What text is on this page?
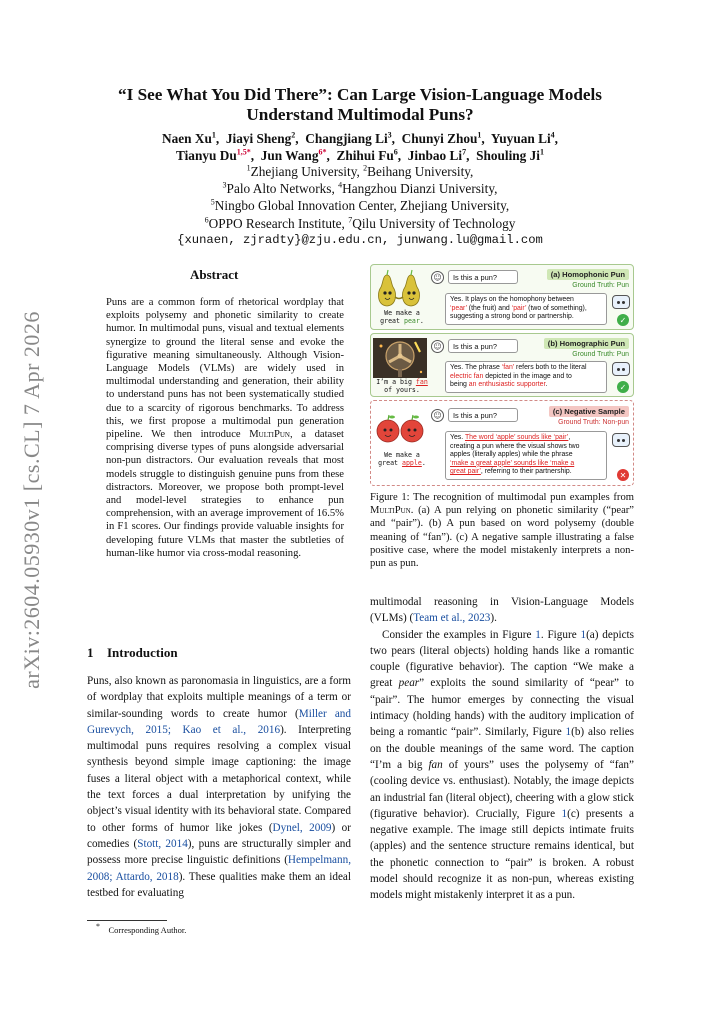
arXiv:2604.05930v1 [cs.CL] 7 Apr 2026
“I See What You Did There”: Can Large Vision-Language Models
Understand Multimodal Puns?
Naen Xu$^1$,  Jiayi Sheng$^2$,  Changjiang Li$^3$,  Chunyi Zhou$^1$,  Yuyuan Li$^4$,
Tianyu $Du^{1,5*}$,  Jun Wang$^{6*}$,  Zhihui Fu$^6$,  Jinbao Li$^7$,  Shouling Ji$^1$
$^1$Zhejiang University, $^2$Beihang University,
$^3$Palo Alto Networks, $^4$Hangzhou Dianzi University,
$^5$Ningbo Global Innovation Center, Zhejiang University,
$^6$OPPO Research Institute, $^7$Qilu University of Technology
{xunaen, zjradty}@zju.edu.cn, junwang.lu@gmail.com
Abstract
Puns are a common form of rhetorical wordplay that exploits polysemy and phonetic similarity to create humor. In multimodal puns, visual and textual elements synergize to ground the literal sense and evoke the figurative meaning simultaneously. Although Vision-Language Models (VLMs) are widely used in multimodal understanding and generation, their ability to understand puns has not been systematically studied due to a scarcity of rigorous benchmarks. To address this, we first propose a multimodal pun generation pipeline. We then introduce MultiPun, a dataset comprising diverse types of puns alongside adversarial non-pun distractors. Our evaluation reveals that most models struggle to distinguish genuine puns from these distractors. Moreover, we propose both prompt-level and model-level strategies to enhance pun comprehension, with an average improvement of 16.5% in F1 scores. Our findings provide valuable insights for developing future VLMs that master the subtleties of human-like humor via cross-modal reasoning.
1 Introduction
Puns, also known as paronomasia in linguistics, are a form of wordplay that exploits multiple meanings of a term or similar-sounding words to create humor (Miller and Gurevych, 2015; Kao et al., 2016). Interpreting multimodal puns requires resolving a complex visual synthesis beyond simple image captioning: the image fuses a literal object with a metaphorical context, while the text forces a dual interpretation by unifying the object’s visual identity with its behavioral state. Compared to other forms of humor like jokes (Dynel, 2009) or comedies (Stott, 2014), puns are structurally simpler and possess more precise linguistic definitions (Hempelmann, 2008; Attardo, 2018). These qualities make them an ideal testbed for evaluating
* Corresponding Author.
We make a
great pear.
☺	Is this a pun?	(a) Homophonic Pun
Ground Truth: Pun
Yes. It plays on the homophony between
‘pear’ (the fruit) and ‘pair’ (two of something),
suggesting a strong bond or partnership.	✓
I’m a big fan
of yours.
☺	Is this a pun?	(b) Homographic Pun
Ground Truth: Pun
Yes. The phrase ‘fan’ refers both to the literal
electric fan depicted in the image and to
being an enthusiastic supporter.	✓
We make a
great apple.
☺	Is this a pun?	(c) Negative Sample
Ground Truth: Non-pun
Yes. The word ‘apple’ sounds like ‘pair’,
creating a pun where the visual shows two
apples (literally apples) while the phrase
‘make a great apple’ sounds like ‘make a
great pair’, referring to their partnership.	✕
Figure 1: The recognition of multimodal pun examples from MultiPun. (a) A pun relying on phonetic similarity (“pear” and “pair”). (b) A pun based on word polysemy (double meaning of “fan”). (c) A negative sample illustrating a false positive case, where the model mistakenly interprets a non-pun as pun.

multimodal reasoning in Vision-Language Models (VLMs) (Team et al., 2023).

Consider the examples in Figure 1. Figure 1(a) depicts two pears (literal objects) holding hands like a romantic couple (figurative behavior). The caption “We make a great pear” exploits the sound similarity of “pear” to “pair”. The humor emerges by connecting the visual intimacy (holding hands) with the auditory implication of being a romantic “pair”. Similarly, Figure 1(b) also relies on the double meanings of the same word. The caption “I’m a big fan of yours” uses the polysemy of “fan” (cooling device vs. enthusiast). Notably, the image depicts an industrial fan (literal object), cheering with a glow stick (figurative behavior). Crucially, Figure 1(c) presents a negative example. The image still depicts intimate fruits (apples) and the sentence structure remains identical, but the phonetic connection to “pair” is broken. A robust model should recognize it as non-pun, whereas existing models might mistakenly interpret it as a pun.
